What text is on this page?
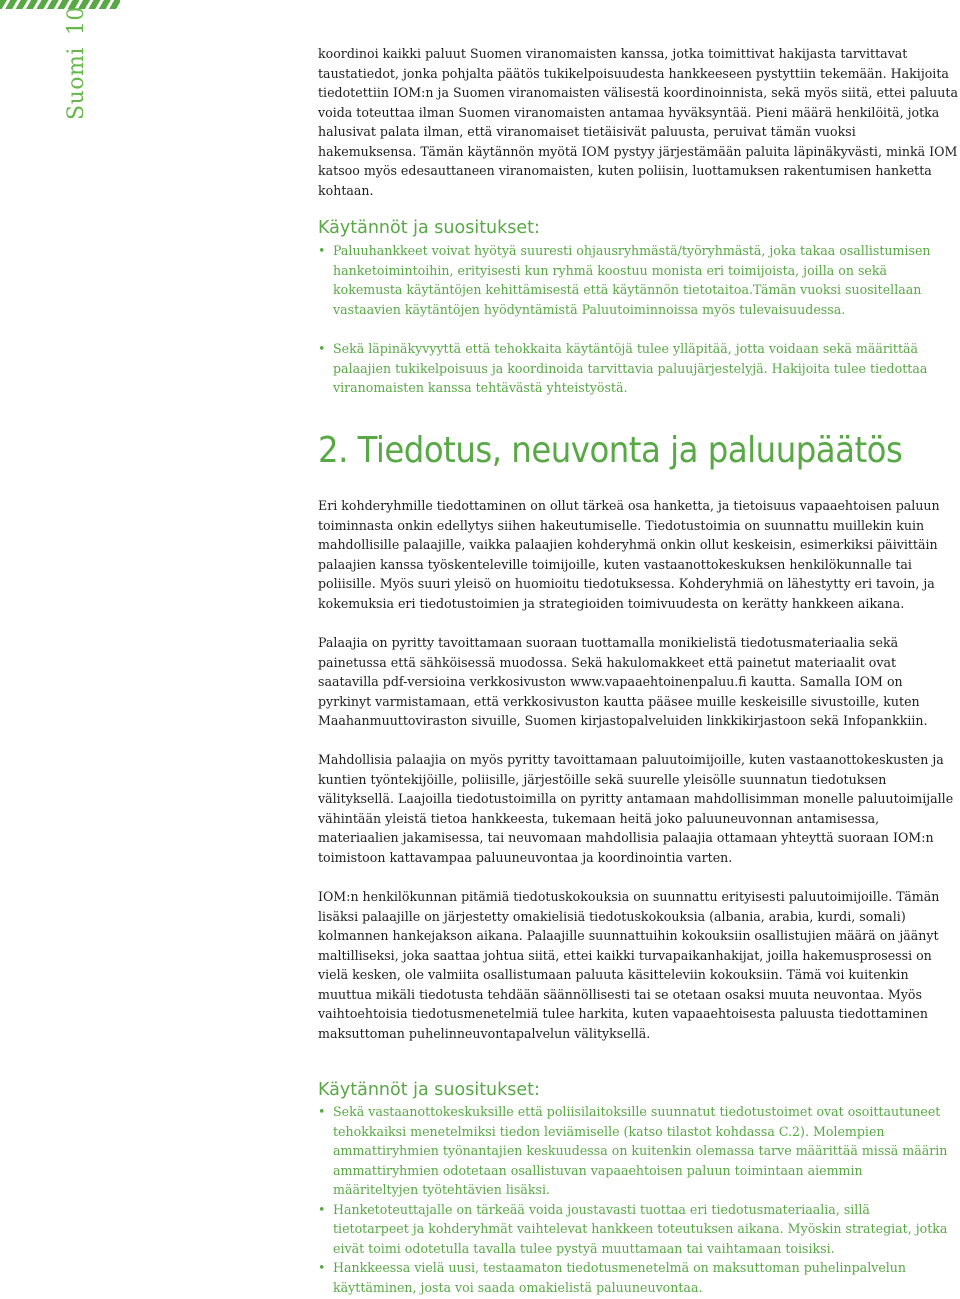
Suomi10

koordinoi kaikki paluut Suomen viranomaisten kanssa, jotka toimittivat hakijasta tarvittavat taustatiedot, jonka pohjalta päätös tukikelpoisuudesta hankkeeseen pystyttiin tekemään. Hakijoita tiedotettiin IOM:n ja Suomen viranomaisten välisestä koordinoinnista, sekä myös siitä, ettei paluuta voida toteuttaa ilman Suomen viranomaisten antamaa hyväksyntää. Pieni määrä henkilöitä, jotka halusivat palata ilman, että viranomaiset tietäisivät paluusta, peruivat tämän vuoksi hakemuksensa. Tämän käytännön myötä IOM pystyy järjestämään paluita läpinäkyvästi, minkä IOM katsoo myös edesauttaneen viranomaisten, kuten poliisin, luottamuksen rakentumisen hanketta kohtaan.

Käytännöt ja suositukset:
• Paluuhankkeet voivat hyötyä suuresti ohjausryhmästä/työryhmästä, joka takaa osallistumisen hanketoimintoihin, erityisesti kun ryhmä koostuu monista eri toimijoista, joilla on sekä kokemusta käytäntöjen kehittämisestä että käytännön tietotaitoa.Tämän vuoksi suositellaan vastaavien käytäntöjen hyödyntämistä Paluutoiminnoissa myös tulevaisuudessa.
• Sekä läpinäkyvyyttä että tehokkaita käytäntöjä tulee ylläpitää, jotta voidaan sekä määrittää palaajien tukikelpoisuus ja koordinoida tarvittavia paluujärjestelyjä. Hakijoita tulee tiedottaa viranomaisten kanssa tehtävästä yhteistyöstä.
2. Tiedotus, neuvonta ja paluupäätös

Eri kohderyhmille tiedottaminen on ollut tärkeä osa hanketta, ja tietoisuus vapaaehtoisen paluun toiminnasta onkin edellytys siihen hakeutumiselle. Tiedotustoimia on suunnattu muillekin kuin mahdollisille palaajille, vaikka palaajien kohderyhmä onkin ollut keskeisin, esimerkiksi päivittäin palaajien kanssa työskenteleville toimijoille, kuten vastaanottokeskuksen henkilökunnalle tai poliisille. Myös suuri yleisö on huomioitu tiedotuksessa. Kohderyhmiä on lähestytty eri tavoin, ja kokemuksia eri tiedotustoimien ja strategioiden toimivuudesta on kerätty hankkeen aikana.

Palaajia on pyritty tavoittamaan suoraan tuottamalla monikielistä tiedotusmateriaalia sekä painetussa että sähköisessä muodossa. Sekä hakulomakkeet että painetut materiaalit ovat saatavilla pdf-versioina verkkosivuston www.vapaaehtoinenpaluu.fi kautta. Samalla IOM on pyrkinyt varmistamaan, että verkkosivuston kautta pääsee muille keskeisille sivustoille, kuten Maahanmuuttoviraston sivuille, Suomen kirjastopalveluiden linkkikirjastoon sekä Infopankkiin.

Mahdollisia palaajia on myös pyritty tavoittamaan paluutoimijoille, kuten vastaanottokeskusten ja kuntien työntekijöille, poliisille, järjestöille sekä suurelle yleisölle suunnatun tiedotuksen välityksellä. Laajoilla tiedotustoimilla on pyritty antamaan mahdollisimman monelle paluutoimijalle vähintään yleistä tietoa hankkeesta, tukemaan heitä joko paluuneuvonnan antamisessa, materiaalien jakamisessa, tai neuvomaan mahdollisia palaajia ottamaan yhteyttä suoraan IOM:n toimistoon kattavampaa paluuneuvontaa ja koordinointia varten.

IOM:n henkilökunnan pitämiä tiedotuskokouksia on suunnattu erityisesti paluutoimijoille. Tämän lisäksi palaajille on järjestetty omakielisiä tiedotuskokouksia (albania, arabia, kurdi, somali) kolmannen hankejakson aikana. Palaajille suunnattuihin kokouksiin osallistujien määrä on jäänyt maltilliseksi, joka saattaa johtua siitä, ettei kaikki turvapaikanhakijat, joilla hakemusprosessi on vielä kesken, ole valmiita osallistumaan paluuta käsitteleviin kokouksiin. Tämä voi kuitenkin muuttua mikäli tiedotusta tehdään säännöllisesti tai se otetaan osaksi muuta neuvontaa. Myös vaihtoehtoisia tiedotusmenetelmiä tulee harkita, kuten vapaaehtoisesta paluusta tiedottaminen maksuttoman puhelinneuvontapalvelun välityksellä.

Käytännöt ja suositukset:
• Sekä vastaanottokeskuksille että poliisilaitoksille suunnatut tiedotustoimet ovat osoittautuneet tehokkaiksi menetelmiksi tiedon leviämiselle (katso tilastot kohdassa C.2). Molempien ammattiryhmien työnantajien keskuudessa on kuitenkin olemassa tarve määrittää missä määrin ammattiryhmien odotetaan osallistuvan vapaaehtoisen paluun toimintaan aiemmin määriteltyjen työtehtävien lisäksi.
• Hanketoteuttajalle on tärkeää voida joustavasti tuottaa eri tiedotusmateriaalia, sillä tietotarpeet ja kohderyhmät vaihtelevat hankkeen toteutuksen aikana. Myöskin strategiat, jotka eivät toimi odotetulla tavalla tulee pystyä muuttamaan tai vaihtamaan toisiksi.
• Hankkeessa vielä uusi, testaamaton tiedotusmenetelmä on maksuttoman puhelinpalvelun käyttäminen, josta voi saada omakielistä paluuneuvontaa.
